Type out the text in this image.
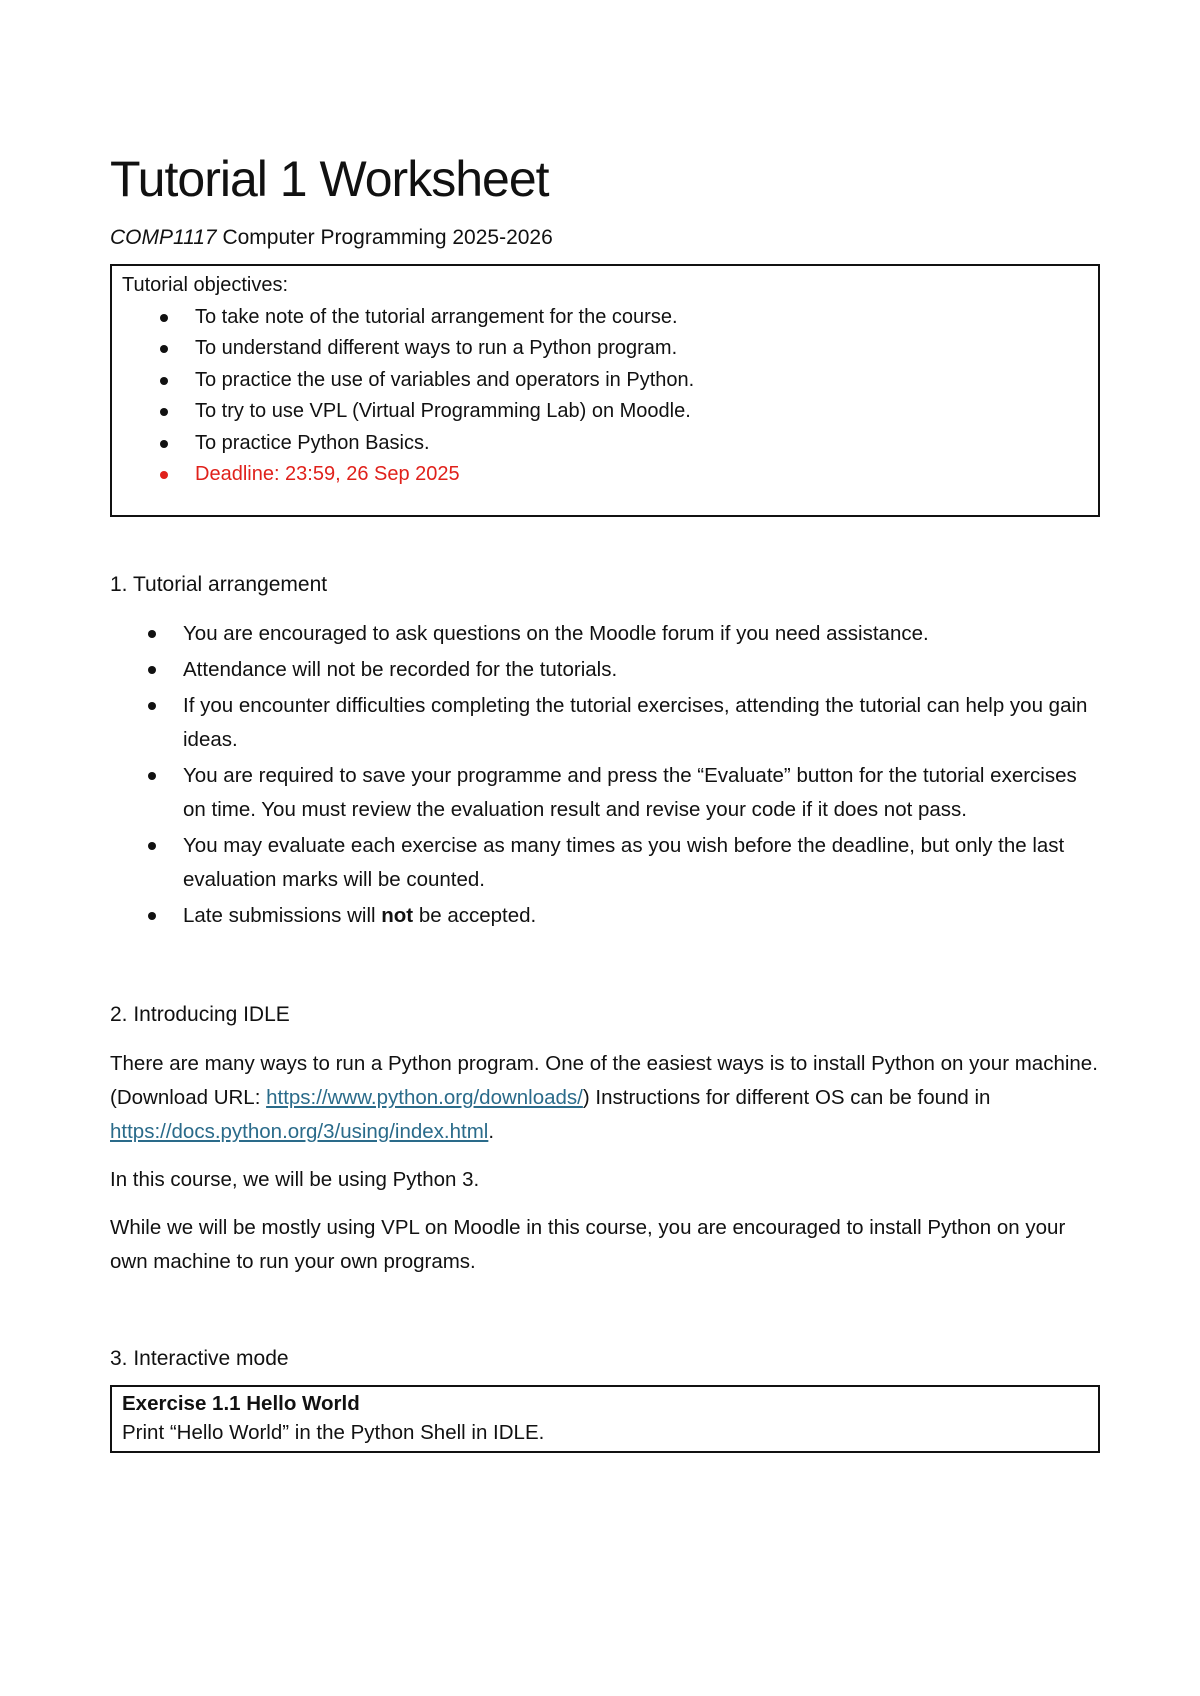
Tutorial 1 Worksheet
COMP1117 Computer Programming 2025-2026
Tutorial objectives:
To take note of the tutorial arrangement for the course.
To understand different ways to run a Python program.
To practice the use of variables and operators in Python.
To try to use VPL (Virtual Programming Lab) on Moodle.
To practice Python Basics.
Deadline: 23:59, 26 Sep 2025

1. Tutorial arrangement

You are encouraged to ask questions on the Moodle forum if you need assistance.
Attendance will not be recorded for the tutorials.
If you encounter difficulties completing the tutorial exercises, attending the tutorial can help you gain ideas.
You are required to save your programme and press the “Evaluate” button for the tutorial exercises on time. You must review the evaluation result and revise your code if it does not pass.
You may evaluate each exercise as many times as you wish before the deadline, but only the last evaluation marks will be counted.
Late submissions will not be accepted.

2. Introducing IDLE

There are many ways to run a Python program. One of the easiest ways is to install Python on your machine. (Download URL: https://www.python.org/downloads/) Instructions for different OS can be found in https://docs.python.org/3/using/index.html.

In this course, we will be using Python 3.

While we will be mostly using VPL on Moodle in this course, you are encouraged to install Python on your own machine to run your own programs.

3. Interactive mode

Exercise 1.1 Hello World
Print “Hello World” in the Python Shell in IDLE.
